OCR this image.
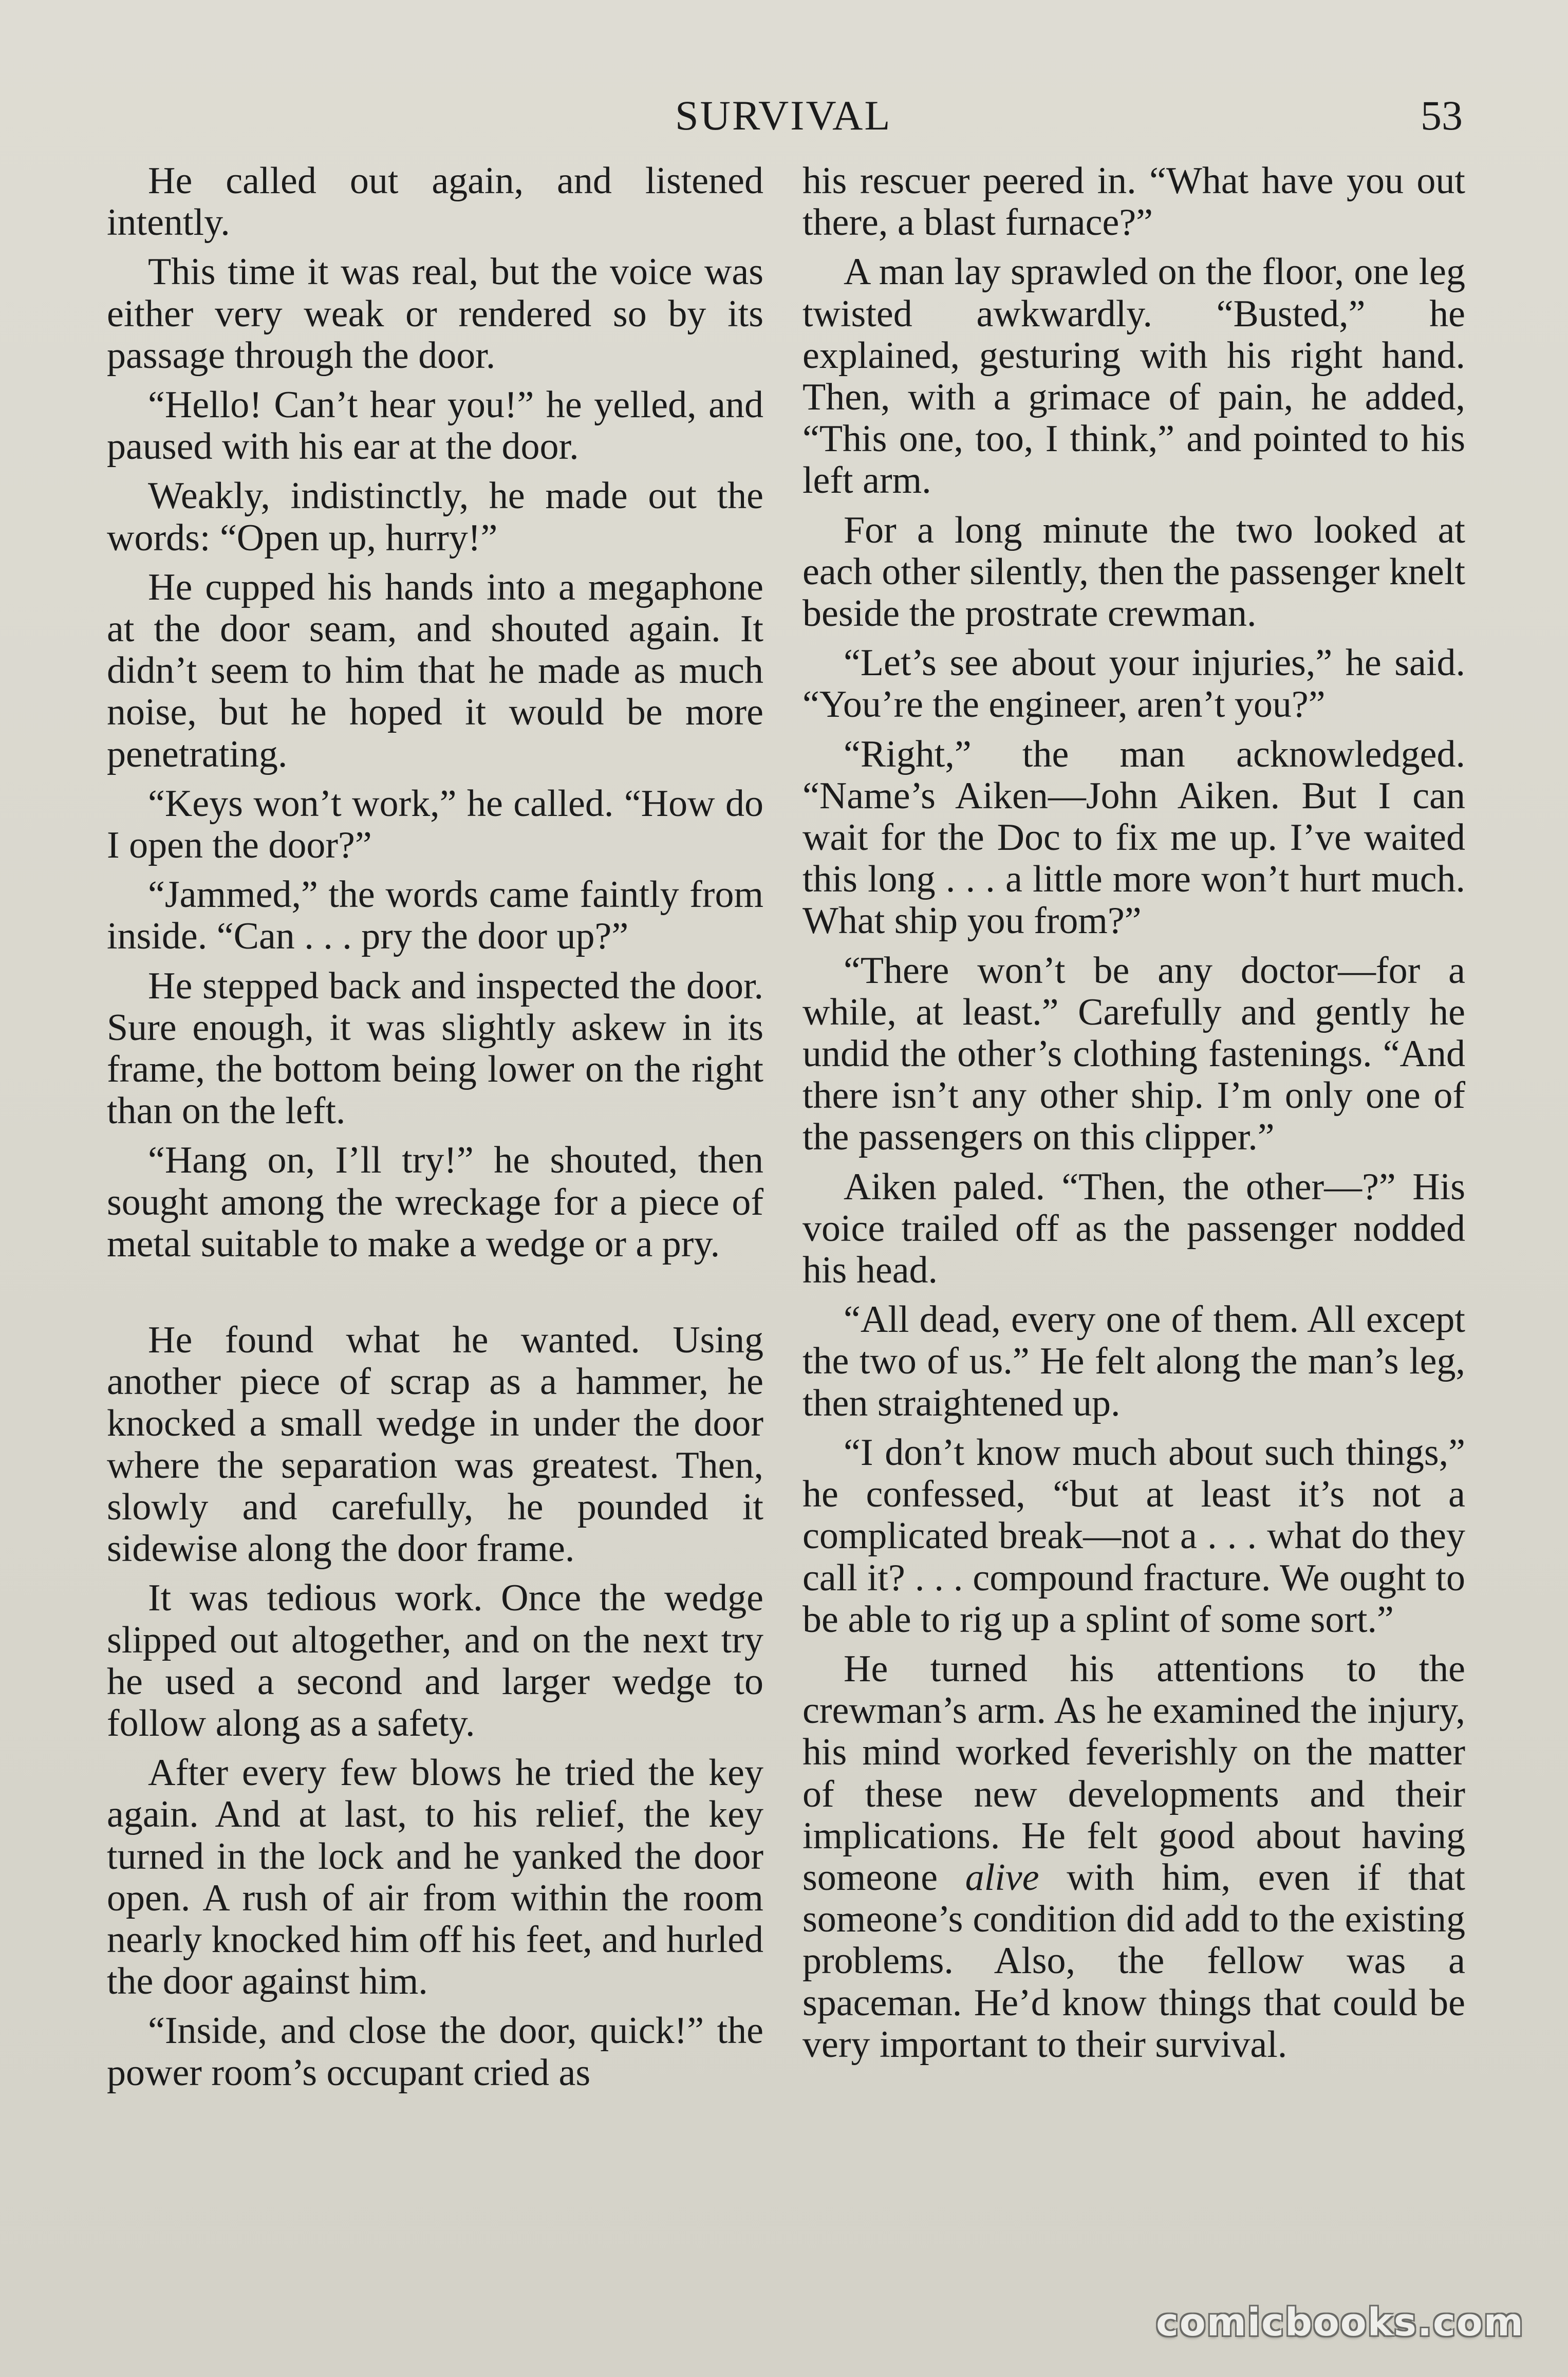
SURVIVAL	53

He called out again, and listened intently.

This time it was real, but the voice was either very weak or rendered so by its passage through the door.

“Hello! Can’t hear you!” he yelled, and paused with his ear at the door.

Weakly, indistinctly, he made out the words: “Open up, hurry!”

He cupped his hands into a megaphone at the door seam, and shouted again. It didn’t seem to him that he made as much noise, but he hoped it would be more penetrating.

“Keys won’t work,” he called. “How do I open the door?”

“Jammed,” the words came faintly from inside. “Can . . . pry the door up?”

He stepped back and inspected the door. Sure enough, it was slightly askew in its frame, the bottom being lower on the right than on the left.

“Hang on, I’ll try!” he shouted, then sought among the wreckage for a piece of metal suitable to make a wedge or a pry.

He found what he wanted. Using another piece of scrap as a hammer, he knocked a small wedge in under the door where the separation was greatest. Then, slowly and carefully, he pounded it sidewise along the door frame.

It was tedious work. Once the wedge slipped out altogether, and on the next try he used a second and larger wedge to follow along as a safety.

After every few blows he tried the key again. And at last, to his relief, the key turned in the lock and he yanked the door open. A rush of air from within the room nearly knocked him off his feet, and hurled the door against him.

“Inside, and close the door, quick!” the power room’s occupant cried as

his rescuer peered in. “What have you out there, a blast furnace?”

A man lay sprawled on the floor, one leg twisted awkwardly. “Busted,” he explained, gesturing with his right hand. Then, with a grimace of pain, he added, “This one, too, I think,” and pointed to his left arm.

For a long minute the two looked at each other silently, then the passenger knelt beside the prostrate crewman.

“Let’s see about your injuries,” he said. “You’re the engineer, aren’t you?”

“Right,” the man acknowledged. “Name’s Aiken—John Aiken. But I can wait for the Doc to fix me up. I’ve waited this long . . . a little more won’t hurt much. What ship you from?”

“There won’t be any doctor—for a while, at least.” Carefully and gently he undid the other’s clothing fastenings. “And there isn’t any other ship. I’m only one of the passengers on this clipper.”

Aiken paled. “Then, the other—?” His voice trailed off as the passenger nodded his head.

“All dead, every one of them. All except the two of us.” He felt along the man’s leg, then straightened up.

“I don’t know much about such things,” he confessed, “but at least it’s not a complicated break—not a . . . what do they call it? . . . compound fracture. We ought to be able to rig up a splint of some sort.”

He turned his attentions to the crewman’s arm. As he examined the injury, his mind worked feverishly on the matter of these new developments and their implications. He felt good about having someone alive with him, even if that someone’s condition did add to the existing problems. Also, the fellow was a spaceman. He’d know things that could be very important to their survival.

comicbooks.com
